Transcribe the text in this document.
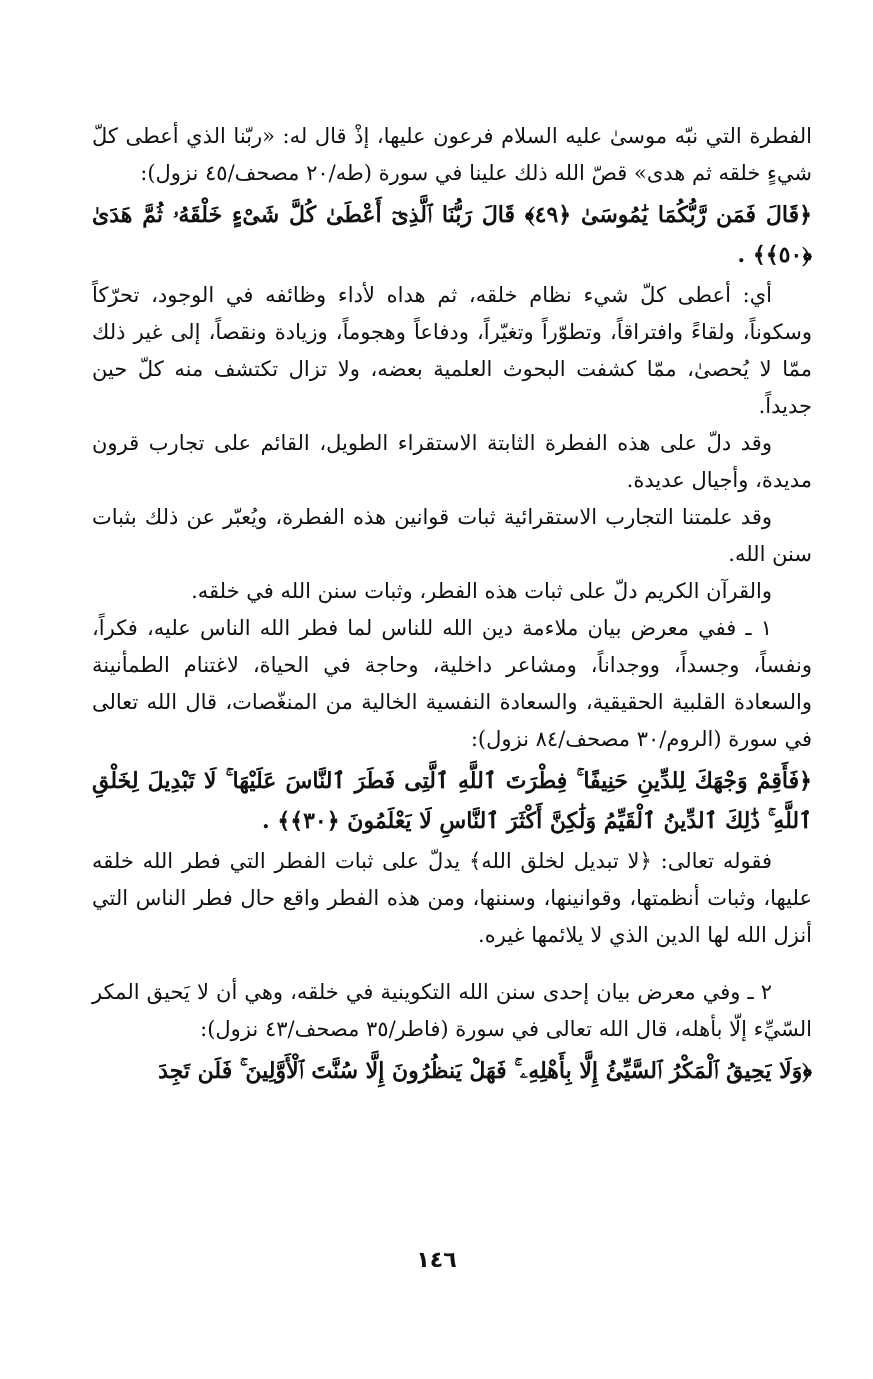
الفطرة التي نبّه موسىٰ عليه السلام فرعون عليها، إذْ قال له: «ربّنا الذي أعطى كلّ شيءٍ خلقه ثم هدى» قصّ الله ذلك علينا في سورة (طه/٢٠ مصحف/٤٥ نزول):

﴿قَالَ فَمَن رَّبُّكُمَا يَٰمُوسَىٰ ﴿٤٩﴾ قَالَ رَبُّنَا ٱلَّذِىٓ أَعْطَىٰ كُلَّ شَىْءٍ خَلْقَهُۥ ثُمَّ هَدَىٰ ﴿٥٠﴾﴾ .

أي: أعطى كلّ شيء نظام خلقه، ثم هداه لأداء وظائفه في الوجود، تحرّكاً وسكوناً، ولقاءً وافتراقاً، وتطوّراً وتغيّراً، ودفاعاً وهجوماً، وزيادة ونقصاً، إلى غير ذلك ممّا لا يُحصىٰ، ممّا كشفت البحوث العلمية بعضه، ولا تزال تكتشف منه كلّ حين جديداً.

وقد دلّ على هذه الفطرة الثابتة الاستقراء الطويل، القائم على تجارب قرون مديدة، وأجيال عديدة.

وقد علمتنا التجارب الاستقرائية ثبات قوانين هذه الفطرة، ويُعبّر عن ذلك بثبات سنن الله.

والقرآن الكريم دلّ على ثبات هذه الفطر، وثبات سنن الله في خلقه.

١ ـ ففي معرض بيان ملاءمة دين الله للناس لما فطر الله الناس عليه، فكراً، ونفساً، وجسداً، ووجداناً، ومشاعر داخلية، وحاجة في الحياة، لاغتنام الطمأنينة والسعادة القلبية الحقيقية، والسعادة النفسية الخالية من المنغّصات، قال الله تعالى في سورة (الروم/٣٠ مصحف/٨٤ نزول):

﴿فَأَقِمْ وَجْهَكَ لِلدِّينِ حَنِيفًا ۚ فِطْرَتَ ٱللَّهِ ٱلَّتِى فَطَرَ ٱلنَّاسَ عَلَيْهَا ۚ لَا تَبْدِيلَ لِخَلْقِ ٱللَّهِ ۚ ذَٰلِكَ ٱلدِّينُ ٱلْقَيِّمُ وَلَٰكِنَّ أَكْثَرَ ٱلنَّاسِ لَا يَعْلَمُونَ ﴿٣٠﴾﴾ .

فقوله تعالى: ﴿لا تبديل لخلق الله﴾ يدلّ على ثبات الفطر التي فطر الله خلقه عليها، وثبات أنظمتها، وقوانينها، وسننها، ومن هذه الفطر واقع حال فطر الناس التي أنزل الله لها الدين الذي لا يلائمها غيره.

٢ ـ وفي معرض بيان إحدى سنن الله التكوينية في خلقه، وهي أن لا يَحيق المكر السّيِّء إلّا بأهله، قال الله تعالى في سورة (فاطر/٣٥ مصحف/٤٣ نزول):

﴿وَلَا يَحِيقُ ٱلْمَكْرُ ٱلسَّيِّئُ إِلَّا بِأَهْلِهِۦ ۚ فَهَلْ يَنظُرُونَ إِلَّا سُنَّتَ ٱلْأَوَّلِينَ ۚ فَلَن تَجِدَ

١٤٦
